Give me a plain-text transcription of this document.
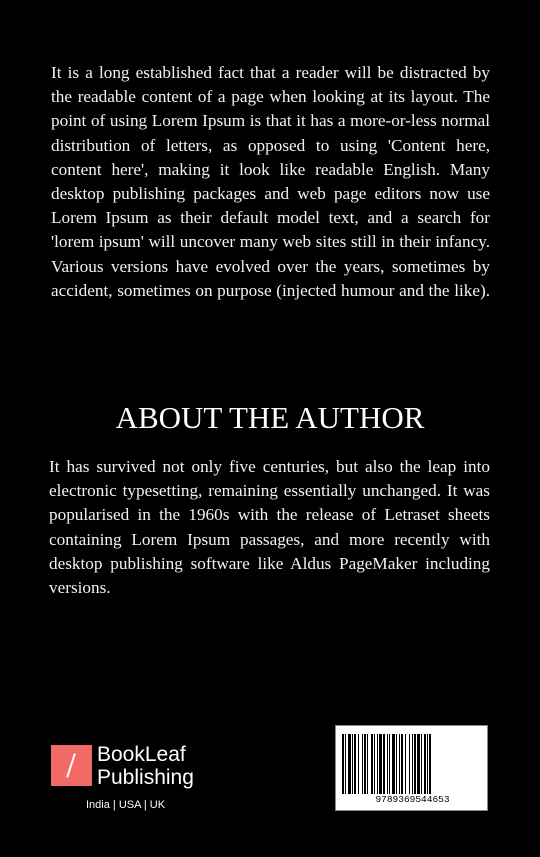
It is a long established fact that a reader will be distracted by the readable content of a page when looking at its layout. The point of using Lorem Ipsum is that it has a more-or-less normal distribution of letters, as opposed to using 'Content here, content here', making it look like readable English. Many desktop publishing packages and web page editors now use Lorem Ipsum as their default model text, and a search for 'lorem ipsum' will uncover many web sites still in their infancy. Various versions have evolved over the years, sometimes by accident, sometimes on purpose (injected humour and the like).

ABOUT THE AUTHOR

It has survived not only five centuries, but also the leap into electronic typesetting, remaining essentially unchanged. It was popularised in the 1960s with the release of Letraset sheets containing Lorem Ipsum passages, and more recently with desktop publishing software like Aldus PageMaker including versions.

BookLeaf
Publishing
India | USA | UK	9789369544653
